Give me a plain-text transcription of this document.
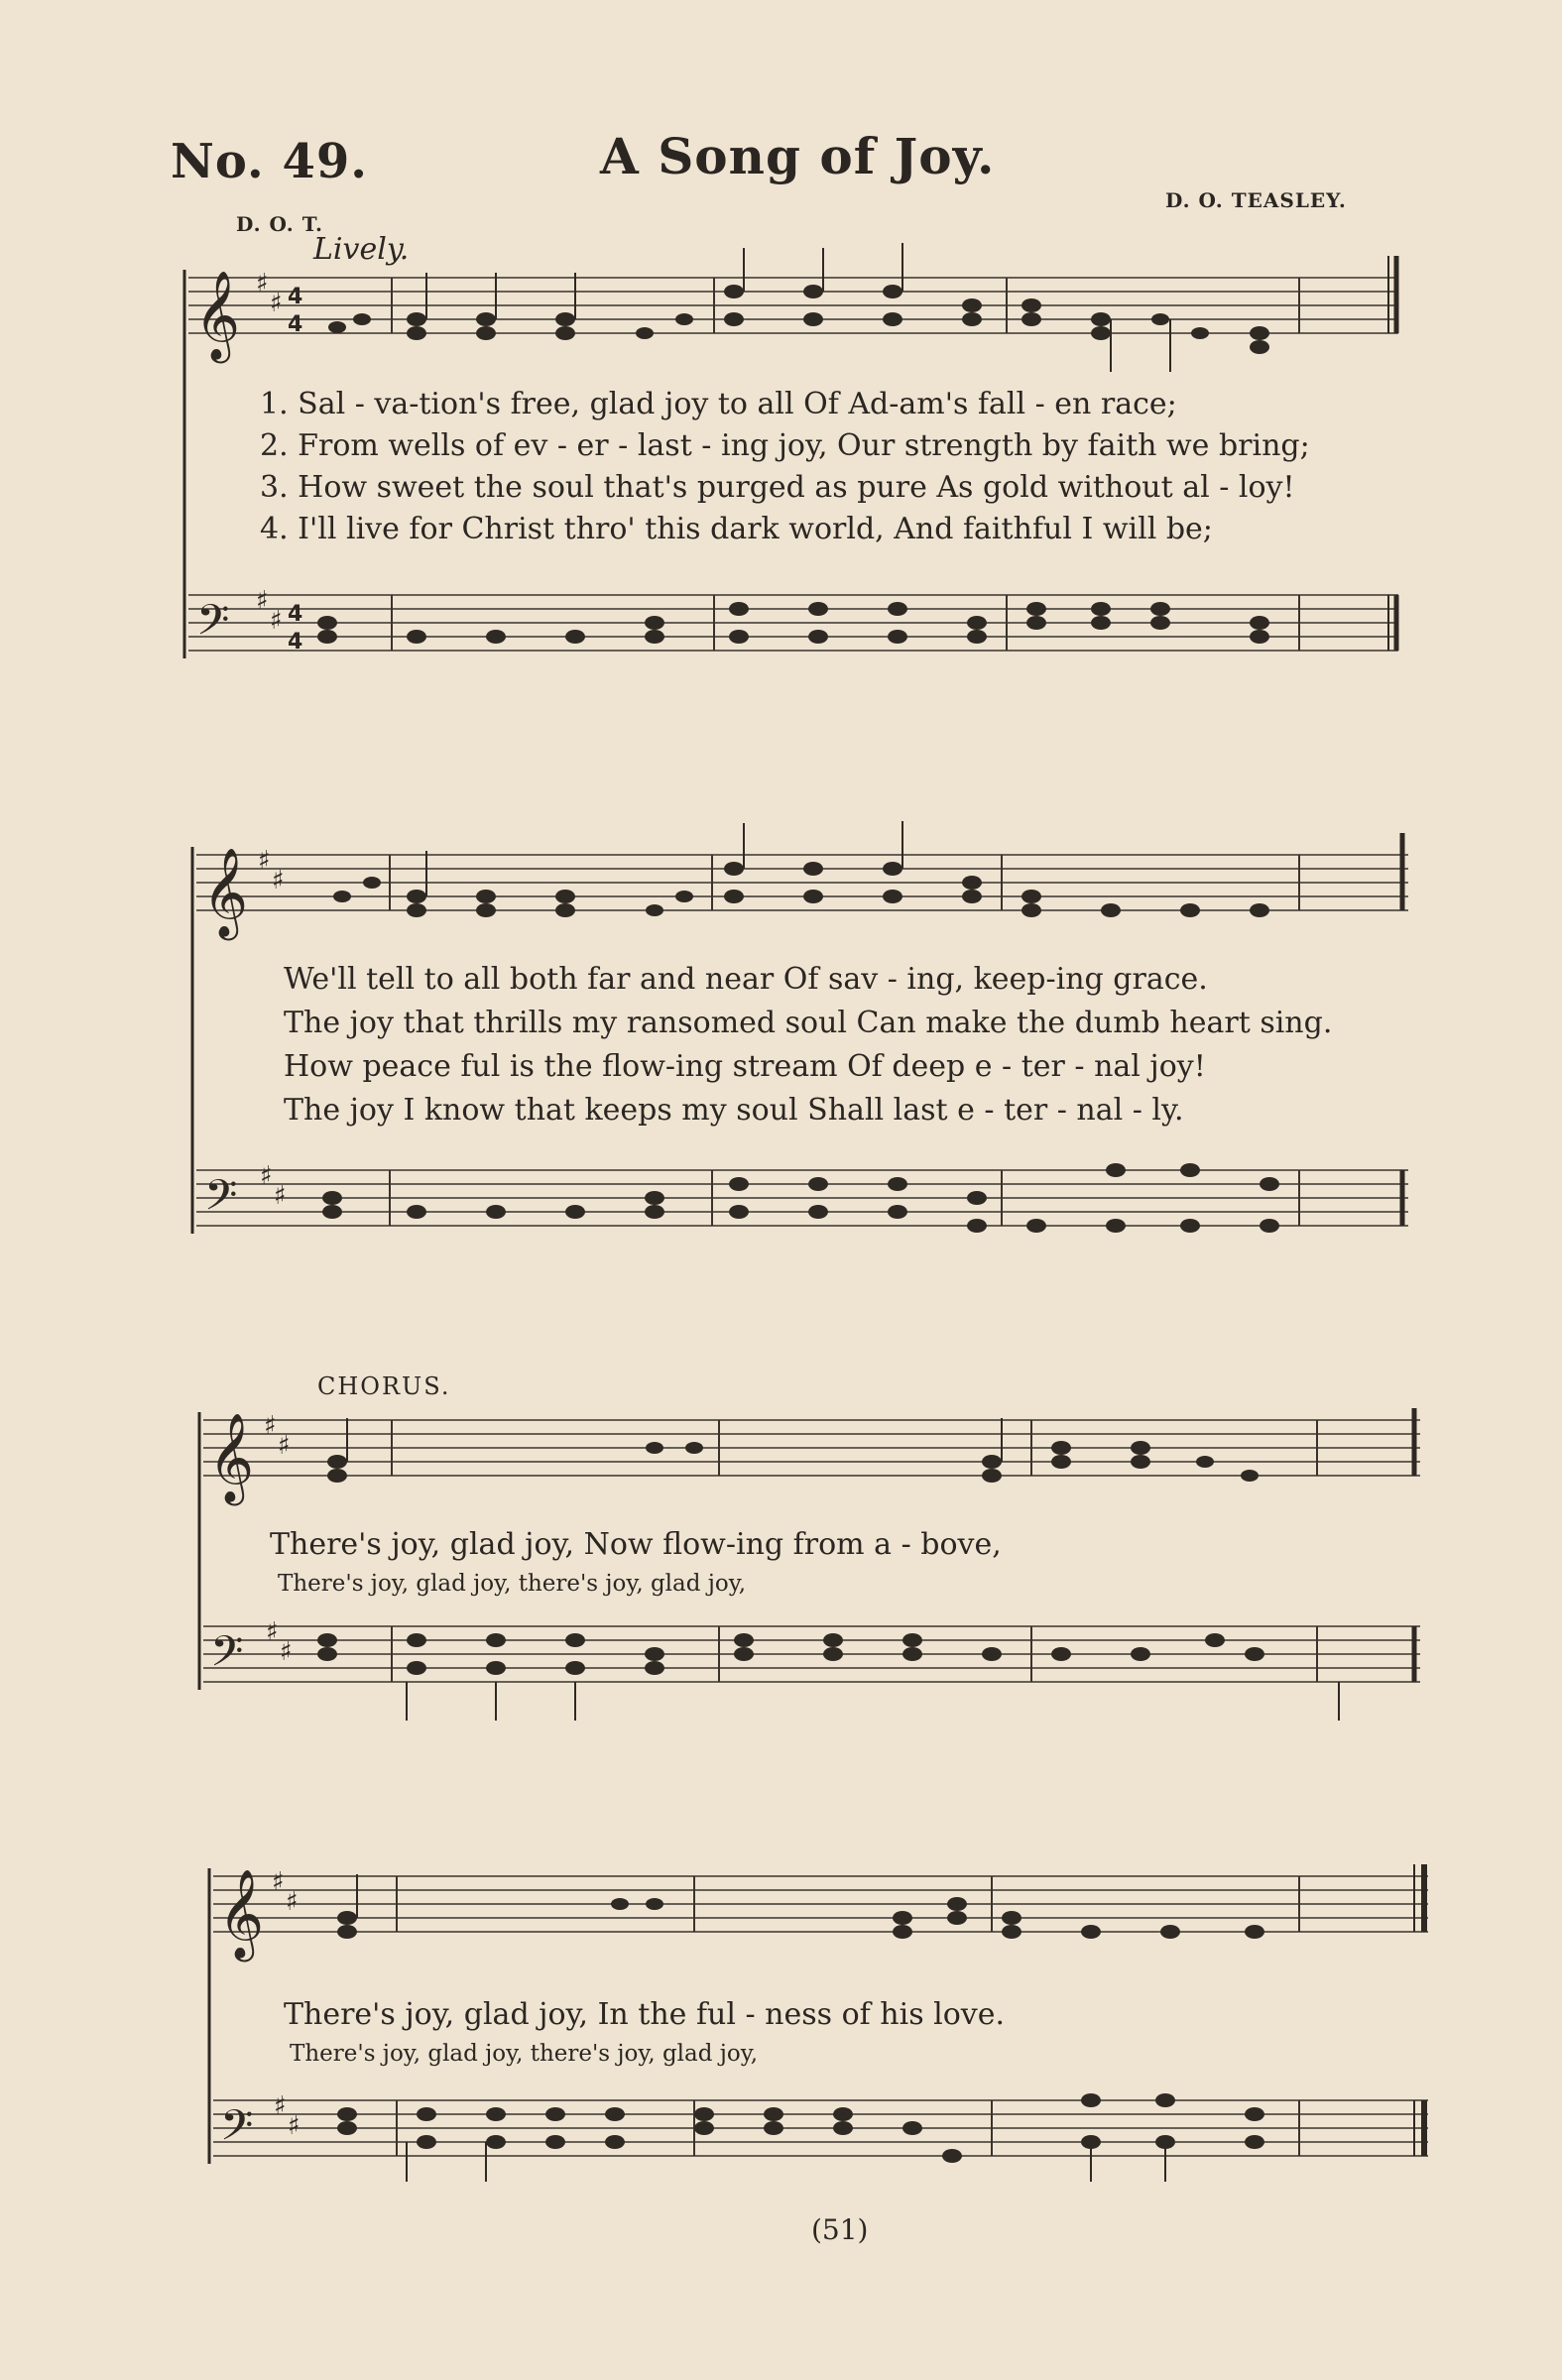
𝄞
𝄢
𝄞
𝄢
𝄞
𝄢
𝄞
𝄢
♯
♯
♯
♯
♯
♯
♯
♯
♯
♯
♯
♯
♯
♯
♯
♯
4
4
4
4
No. 49.	A Song of Joy.
D. O. T.
D. O. TEASLEY.
Lively.
1. Sal - va-tion's free, glad joy to all Of Ad-am's fall - en race;
2. From wells of ev - er - last - ing joy, Our strength by faith we bring;
3. How sweet the soul that's purged as pure As gold without al - loy!
4. I'll live for Christ thro' this dark world, And faithful I will be;
We'll tell to all both far and near Of sav - ing, keep-ing grace.
The joy that thrills my ransomed soul Can make the dumb heart sing.
How peace ful is the flow-ing stream Of deep e - ter - nal joy!
The joy I know that keeps my soul Shall last e - ter - nal - ly.
CHORUS.
There's joy, glad joy, Now flow-ing from a - bove,
There's joy, glad joy, there's joy, glad joy,
There's joy, glad joy, In the ful - ness of his love.
There's joy, glad joy, there's joy, glad joy,
(51)
